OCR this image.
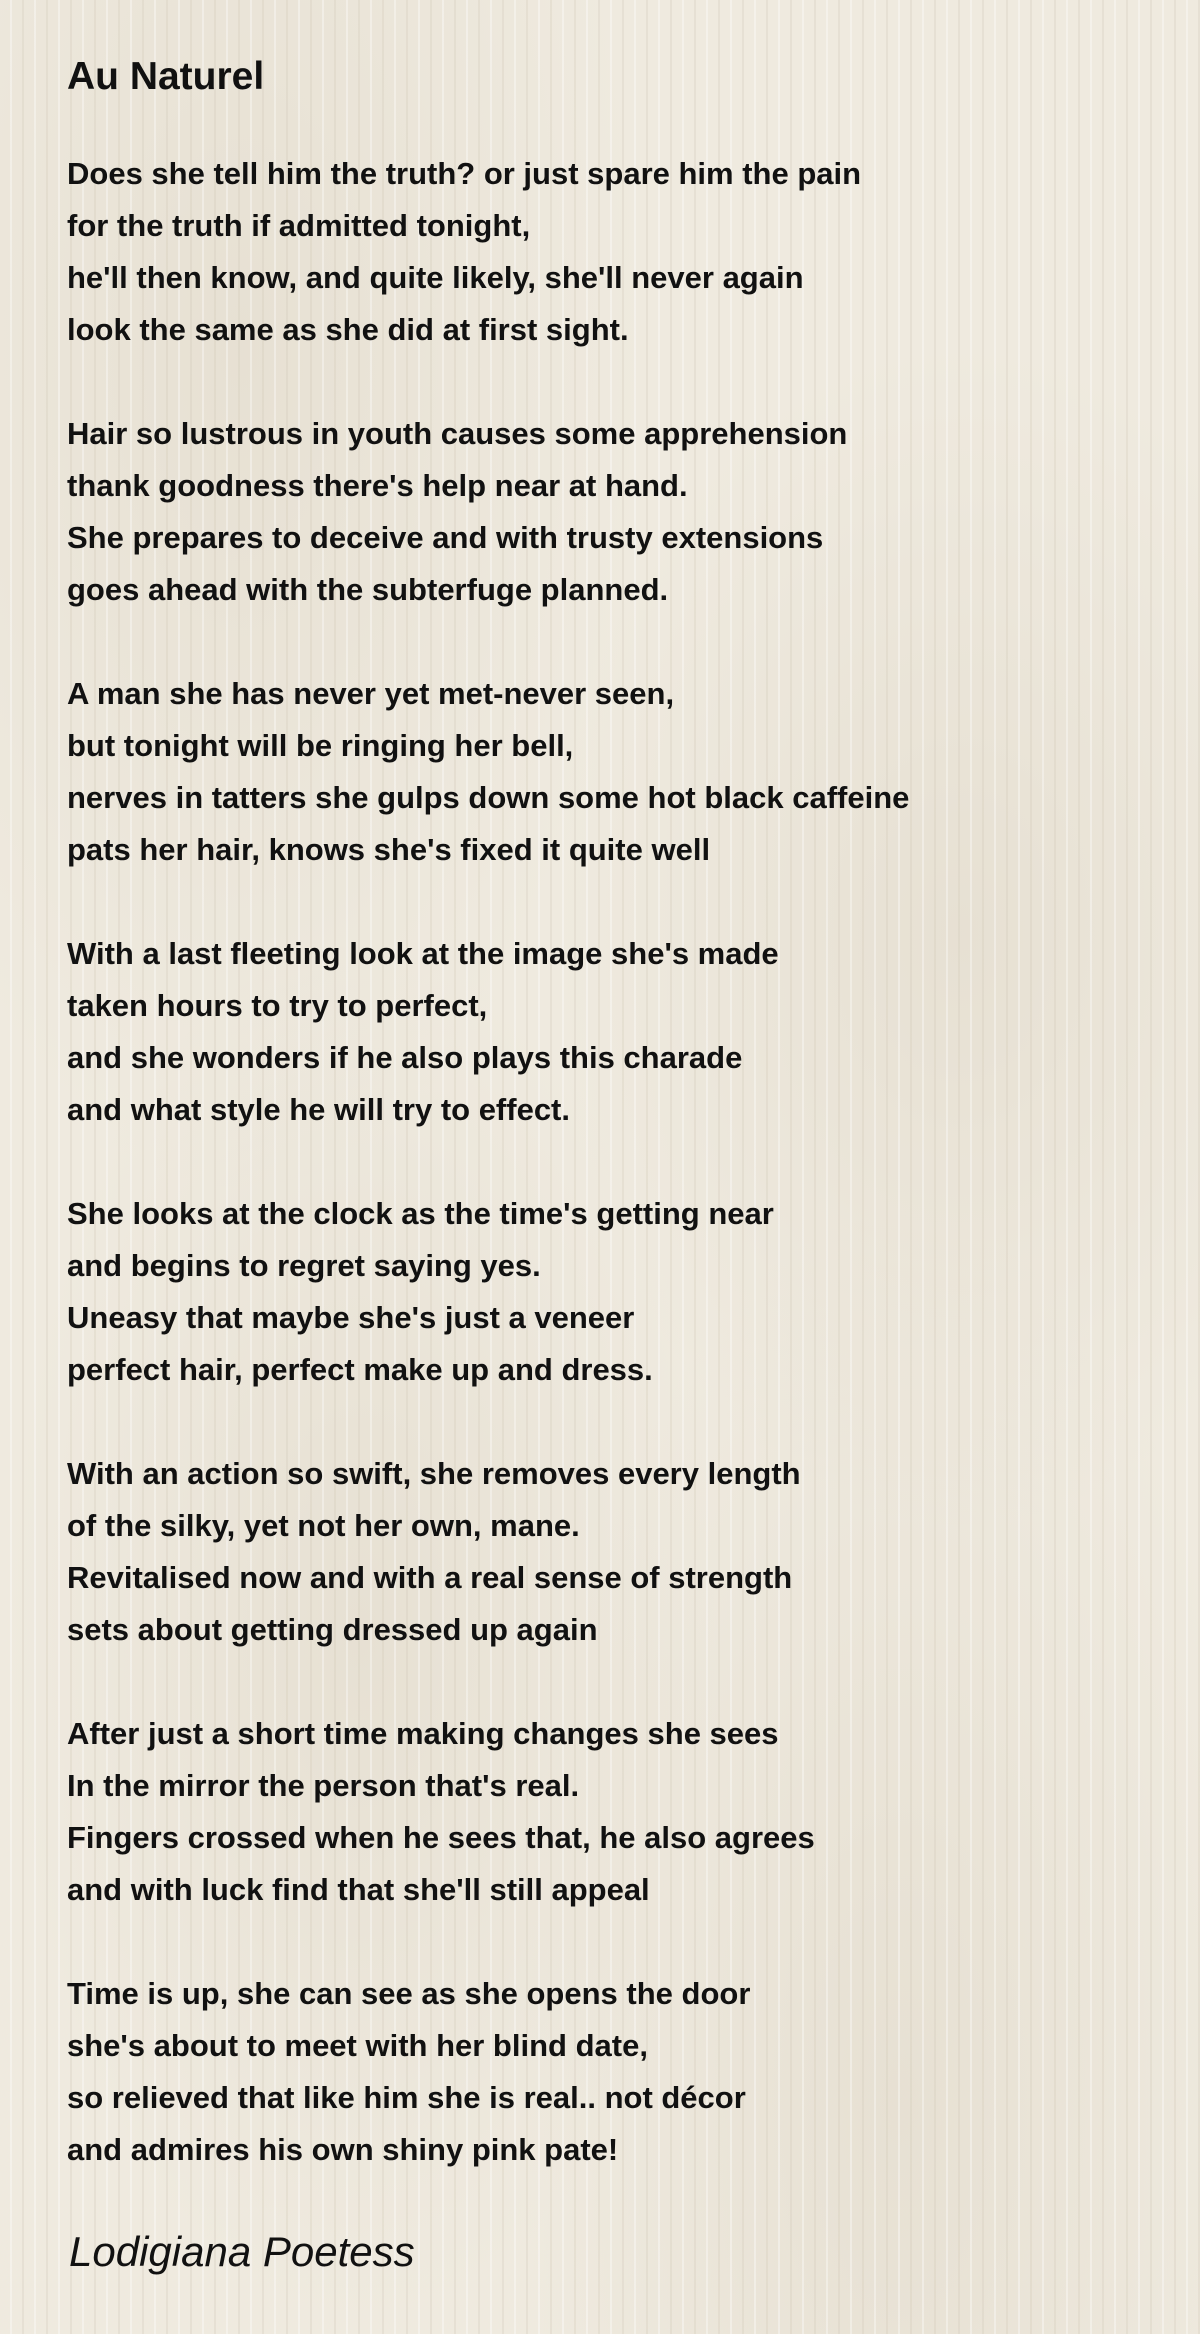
Au Naturel
Does she tell him the truth? or just spare him the pain
for the truth if admitted tonight,
he'll then know, and quite likely, she'll never again
look the same as she did at first sight.
Hair so lustrous in youth causes some apprehension
thank goodness there's help near at hand.
She prepares to deceive and with trusty extensions
goes ahead with the subterfuge planned.
A man she has never yet met-never seen,
but tonight will be ringing her bell,
nerves in tatters she gulps down some hot black caffeine
pats her hair, knows she's fixed it quite well
With a last fleeting look at the image she's made
taken hours to try to perfect,
and she wonders if he also plays this charade
and what style he will try to effect.
She looks at the clock as the time's getting near
and begins to regret saying yes.
Uneasy that maybe she's just a veneer
perfect hair, perfect make up and dress.
With an action so swift, she removes every length
of the silky, yet not her own, mane.
Revitalised now and with a real sense of strength
sets about getting dressed up again
After just a short time making changes she sees
In the mirror the person that's real.
Fingers crossed when he sees that, he also agrees
and with luck find that she'll still appeal
Time is up, she can see as she opens the door
she's about to meet with her blind date,
so relieved that like him she is real.. not décor
and admires his own shiny pink pate!
Lodigiana Poetess
